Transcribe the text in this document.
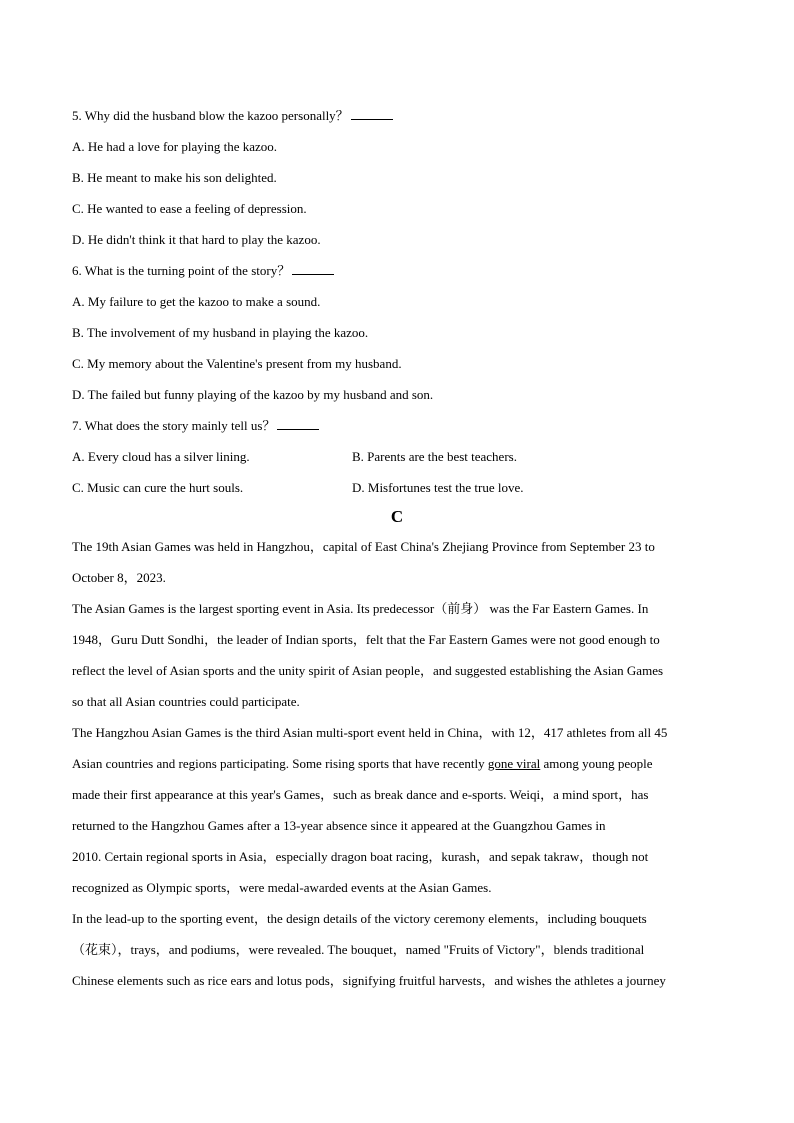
5. Why did the husband blow the kazoo personally？
A. He had a love for playing the kazoo.
B. He meant to make his son delighted.
C. He wanted to ease a feeling of depression.
D. He didn't think it that hard to play the kazoo.
6. What is the turning point of the story？
A. My failure to get the kazoo to make a sound.
B. The involvement of my husband in playing the kazoo.
C. My memory about the Valentine's present from my husband.
D. The failed but funny playing of the kazoo by my husband and son.
7. What does the story mainly tell us？
A. Every cloud has a silver lining.	B. Parents are the best teachers.
C. Music can cure the hurt souls.	D. Misfortunes test the true love.
C
The 19th Asian Games was held in Hangzhou，capital of East China's Zhejiang Province from September 23 to
October 8，2023.
The Asian Games is the largest sporting event in Asia. Its predecessor（前身） was the Far Eastern Games. In
1948，Guru Dutt Sondhi，the leader of Indian sports，felt that the Far Eastern Games were not good enough to
reflect the level of Asian sports and the unity spirit of Asian people，and suggested establishing the Asian Games
so that all Asian countries could participate.
The Hangzhou Asian Games is the third Asian multi-sport event held in China，with 12，417 athletes from all 45
Asian countries and regions participating. Some rising sports that have recently gone viral among young people
made their first appearance at this year's Games，such as break dance and e-sports. Weiqi，a mind sport，has
returned to the Hangzhou Games after a 13-year absence since it appeared at the Guangzhou Games in
2010. Certain regional sports in Asia，especially dragon boat racing，kurash，and sepak takraw，though not
recognized as Olympic sports，were medal-awarded events at the Asian Games.
In the lead-up to the sporting event，the design details of the victory ceremony elements，including bouquets
（花束），trays，and podiums，were revealed. The bouquet，named "Fruits of Victory"，blends traditional
Chinese elements such as rice ears and lotus pods，signifying fruitful harvests，and wishes the athletes a journey
